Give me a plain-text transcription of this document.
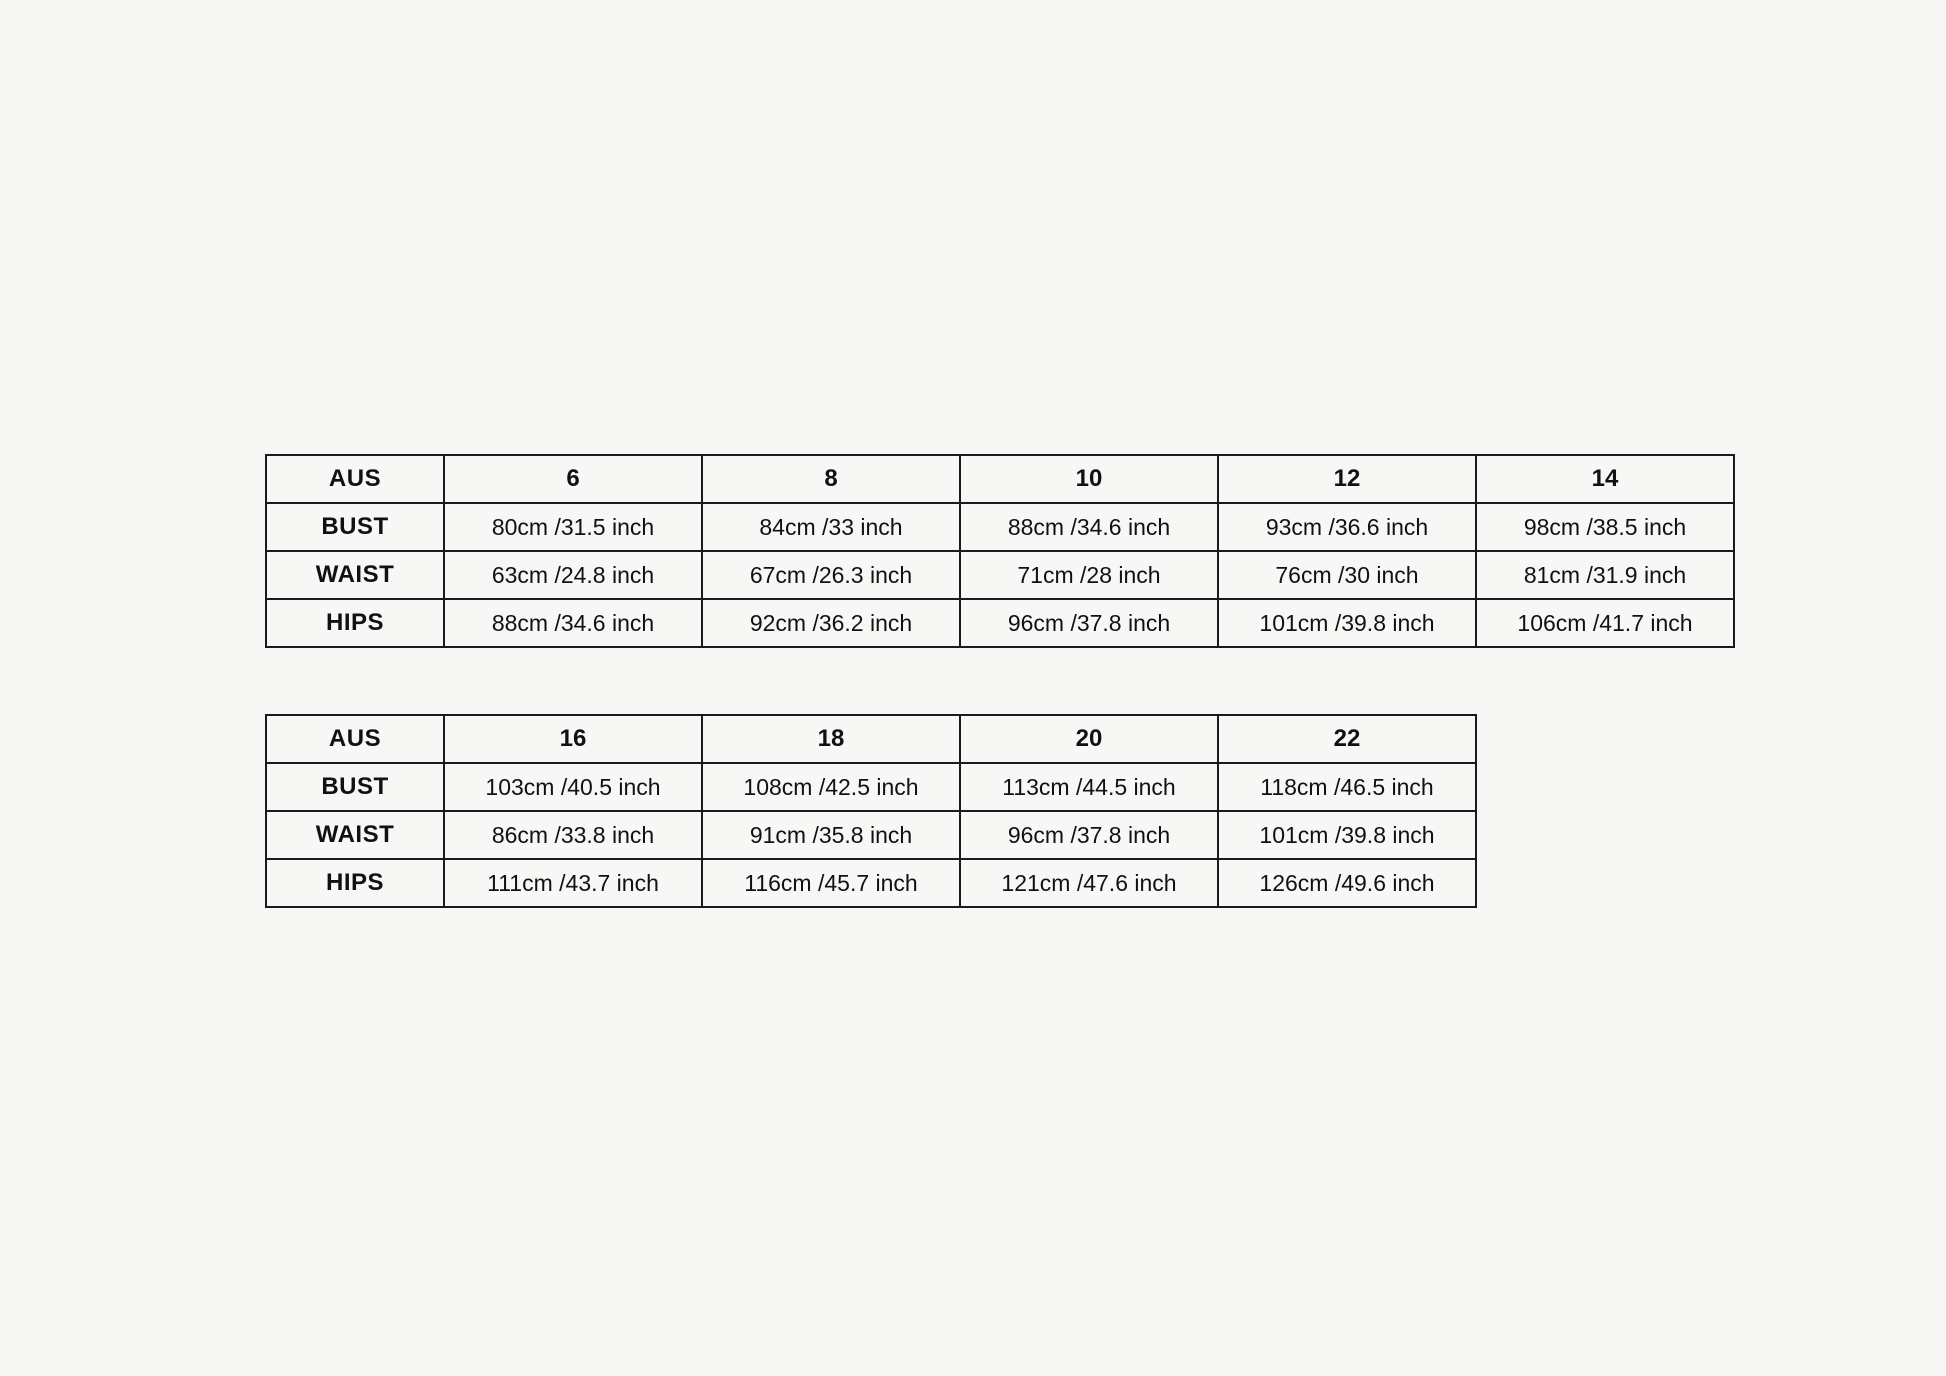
AUS	6	8	10	12	14
BUST	80cm /31.5 inch	84cm /33 inch	88cm /34.6 inch	93cm /36.6 inch	98cm /38.5 inch
WAIST	63cm /24.8 inch	67cm /26.3 inch	71cm /28 inch	76cm /30 inch	81cm /31.9 inch
HIPS	88cm /34.6 inch	92cm /36.2 inch	96cm /37.8 inch	101cm /39.8 inch	106cm /41.7 inch
AUS	16	18	20	22
BUST	103cm /40.5 inch	108cm /42.5 inch	113cm /44.5 inch	118cm /46.5 inch
WAIST	86cm /33.8 inch	91cm /35.8 inch	96cm /37.8 inch	101cm /39.8 inch
HIPS	111cm /43.7 inch	116cm /45.7 inch	121cm /47.6 inch	126cm /49.6 inch
